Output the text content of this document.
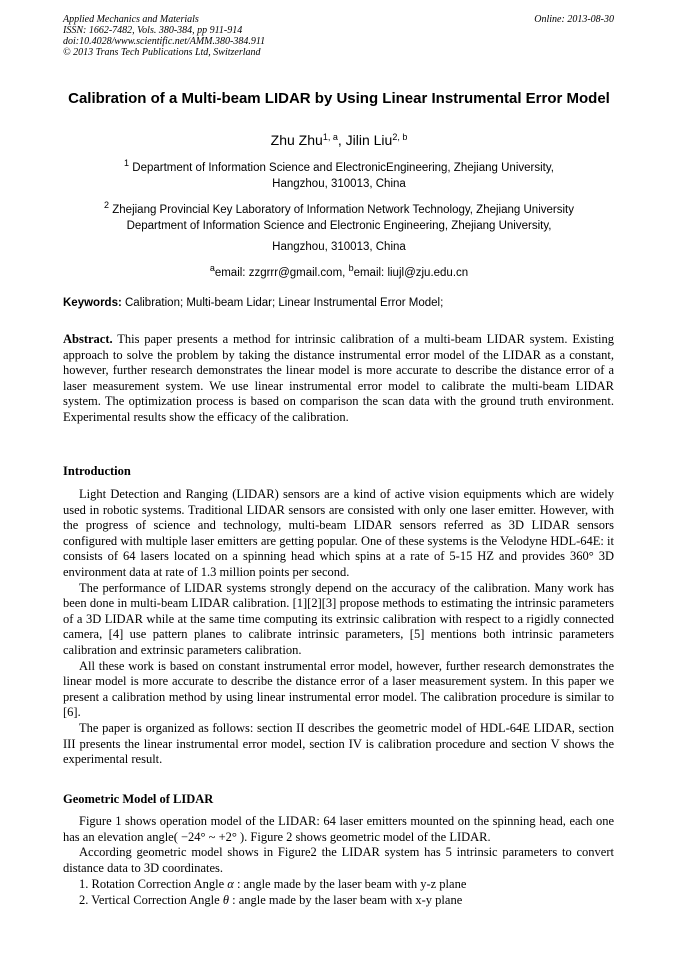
Applied Mechanics and Materials
ISSN: 1662-7482, Vols. 380-384, pp 911-914
doi:10.4028/www.scientific.net/AMM.380-384.911
© 2013 Trans Tech Publications Ltd, Switzerland
Online: 2013-08-30
Calibration of a Multi-beam LIDAR by Using Linear Instrumental Error Model
Zhu Zhu$^{1, a}$, Jilin Liu$^{2, b}$
$^1$ Department of Information Science and ElectronicEngineering, Zhejiang University,
Hangzhou, 310013, China
$^2$ Zhejiang Provincial Key Laboratory of Information Network Technology, Zhejiang University
Department of Information Science and Electronic Engineering, Zhejiang University,
Hangzhou, 310013, China
$^a$email: zzgrrr@gmail.com, $^b$email: liujl@zju.edu.cn
Keywords: Calibration; Multi-beam Lidar; Linear Instrumental Error Model;

Abstract. This paper presents a method for intrinsic calibration of a multi-beam LIDAR system. Existing approach to solve the problem by taking the distance instrumental error model of the LIDAR as a constant, however, further research demonstrates the linear model is more accurate to describe the distance error of a laser measurement system. We use linear instrumental error model to calibrate the multi-beam LIDAR system. The optimization process is based on comparison the scan data with the ground truth environment. Experimental results show the efficacy of the calibration.

Introduction

Light Detection and Ranging (LIDAR) sensors are a kind of active vision equipments which are widely used in robotic systems. Traditional LIDAR sensors are consisted with only one laser emitter. However, with the progress of science and technology, multi-beam LIDAR sensors referred as 3D LIDAR sensors configured with multiple laser emitters are getting popular. One of these systems is the Velodyne HDL-64E: it consists of 64 lasers located on a spinning head which spins at a rate of 5-15 HZ and provides 360° 3D environment data at rate of 1.3 million points per second.

The performance of LIDAR systems strongly depend on the accuracy of the calibration. Many work has been done in multi-beam LIDAR calibration. [1][2][3] propose methods to estimating the intrinsic parameters of a 3D LIDAR while at the same time computing its extrinsic calibration with respect to a rigidly connected camera, [4] use pattern planes to calibrate intrinsic parameters, [5] mentions both intrinsic parameters calibration and extrinsic parameters calibration.

All these work is based on constant instrumental error model, however, further research demonstrates the linear model is more accurate to describe the distance error of a laser measurement system. In this paper we present a calibration method by using linear instrumental error model. The calibration procedure is similar to [6].

The paper is organized as follows: section II describes the geometric model of HDL-64E LIDAR, section III presents the linear instrumental error model, section IV is calibration procedure and section V shows the experimental result.

Geometric Model of LIDAR

Figure 1 shows operation model of the LIDAR: 64 laser emitters mounted on the spinning head, each one has an elevation angle( −24° ~ +2° ). Figure 2 shows geometric model of the LIDAR.

According geometric model shows in Figure2 the LIDAR system has 5 intrinsic parameters to convert distance data to 3D coordinates.

1. Rotation Correction Angle α : angle made by the laser beam with y-z plane
2. Vertical Correction Angle θ : angle made by the laser beam with x-y plane
